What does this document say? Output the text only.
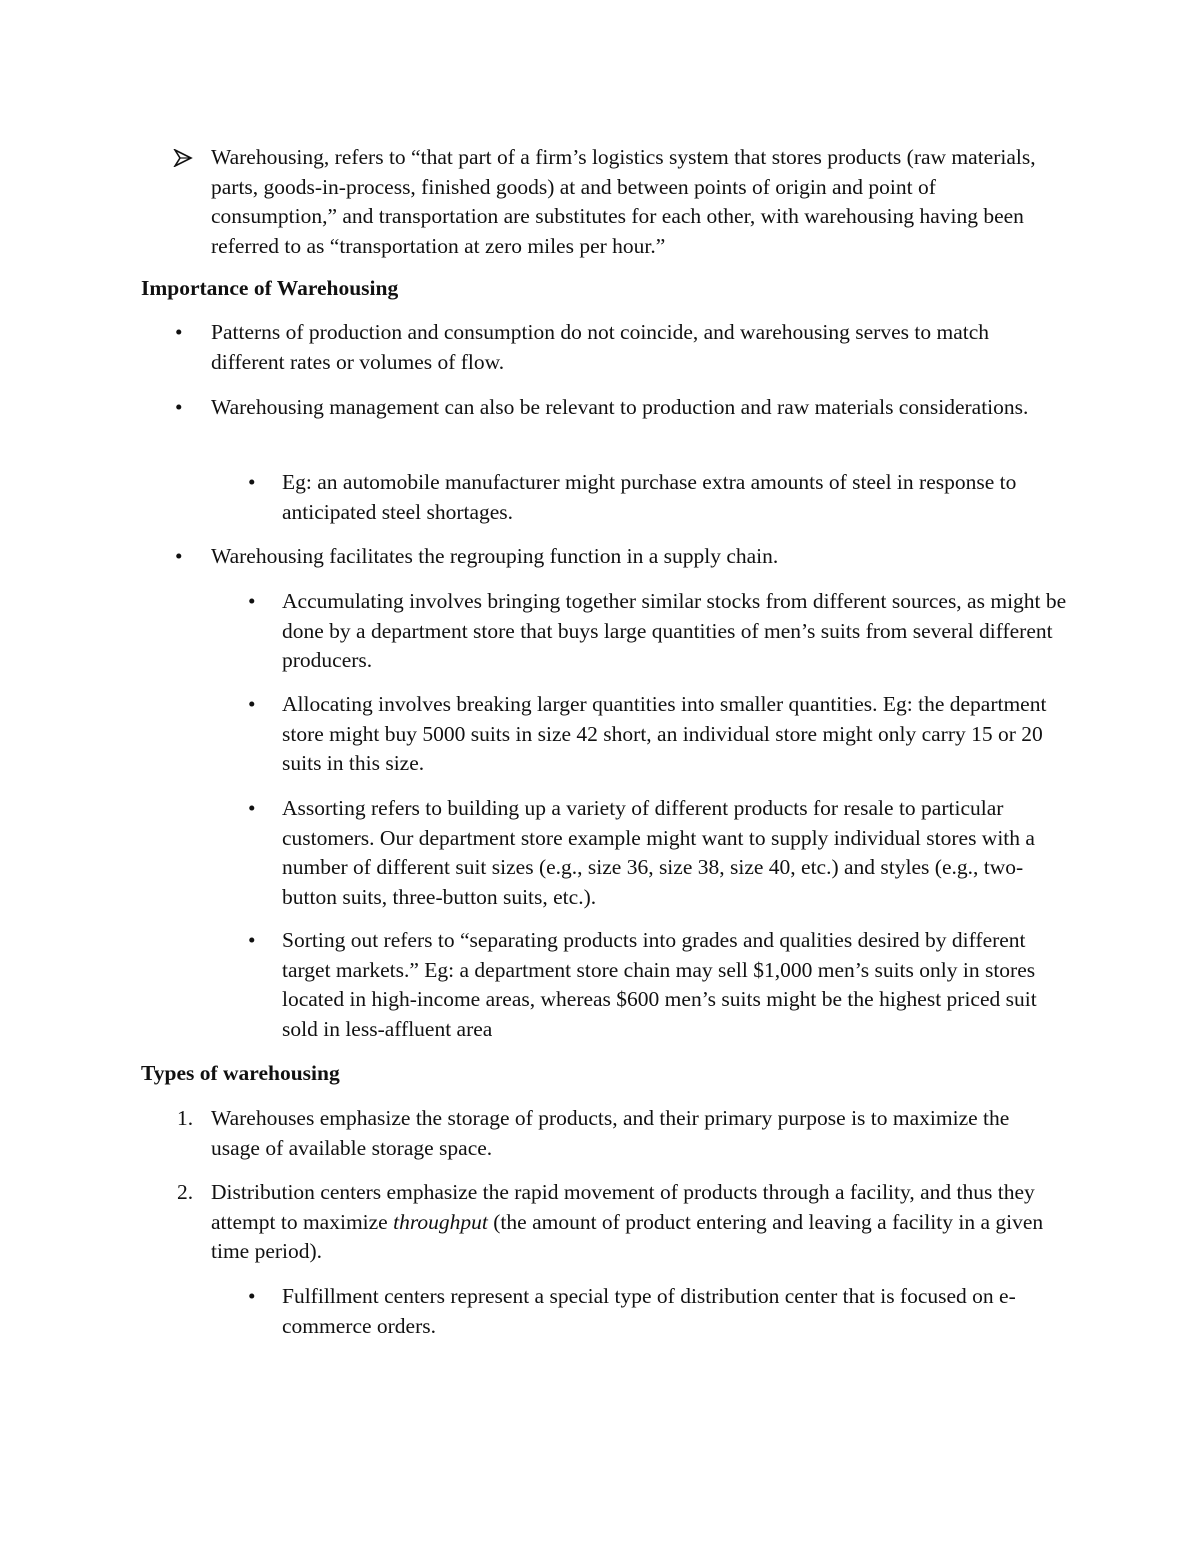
Warehousing, refers to “that part of a firm’s logistics system that stores products (raw materials, parts, goods-in-process, finished goods) at and between points of origin and point of consumption,” and transportation are substitutes for each other, with warehousing having been referred to as “transportation at zero miles per hour.”
Importance of Warehousing
•	Patterns of production and consumption do not coincide, and warehousing serves to match different rates or volumes of flow.
•	Warehousing management can also be relevant to production and raw materials considerations.
•	Eg: an automobile manufacturer might purchase extra amounts of steel in response to anticipated steel shortages.
•	Warehousing facilitates the regrouping function in a supply chain.
•	Accumulating involves bringing together similar stocks from different sources, as might be done by a department store that buys large quantities of men’s suits from several different producers.
•	Allocating involves breaking larger quantities into smaller quantities. Eg: the department store might buy 5000 suits in size 42 short, an individual store might only carry 15 or 20 suits in this size.
•	Assorting refers to building up a variety of different products for resale to particular customers. Our department store example might want to supply individual stores with a number of different suit sizes (e.g., size 36, size 38, size 40, etc.) and styles (e.g., two-button suits, three-button suits, etc.).
•	Sorting out refers to “separating products into grades and qualities desired by different target markets.” Eg: a department store chain may sell $1,000 men’s suits only in stores located in high-income areas, whereas $600 men’s suits might be the highest priced suit sold in less-affluent area
Types of warehousing
1. Warehouses emphasize the storage of products, and their primary purpose is to maximize the usage of available storage space.
2. Distribution centers emphasize the rapid movement of products through a facility, and thus they attempt to maximize throughput (the amount of product entering and leaving a facility in a given time period).
•	Fulfillment centers represent a special type of distribution center that is focused on e-commerce orders.
